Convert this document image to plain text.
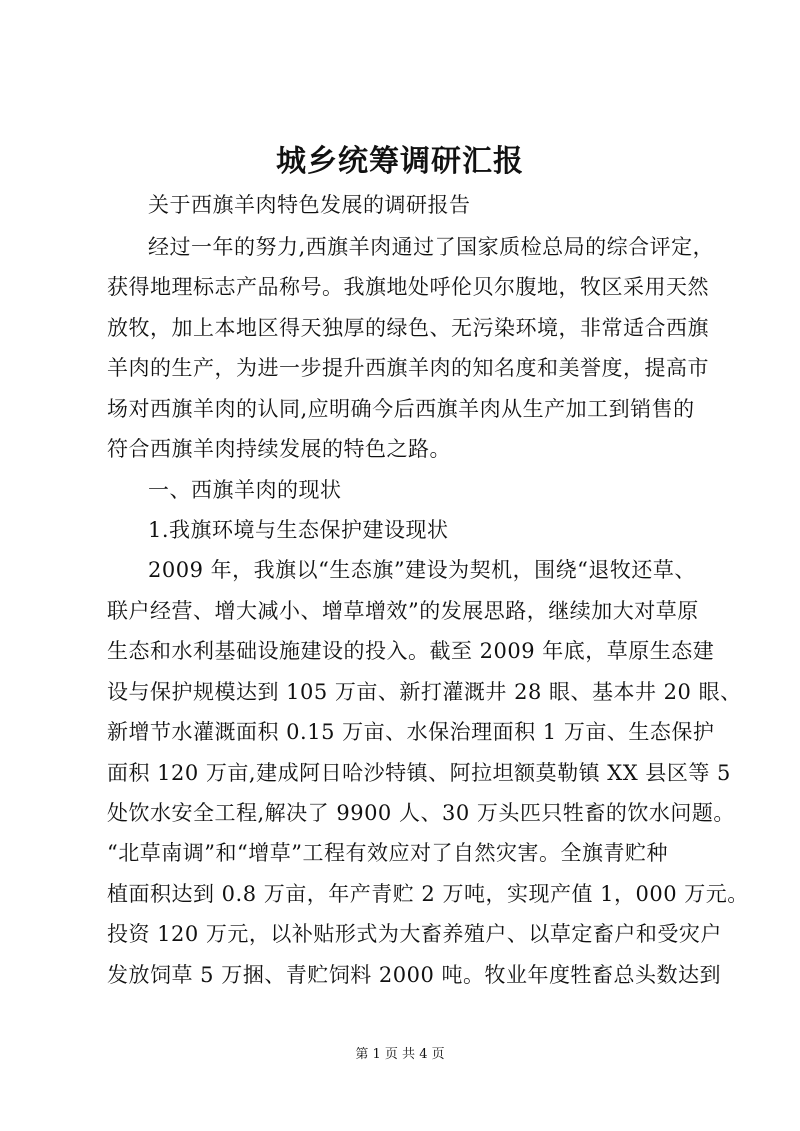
城乡统筹调研汇报
关于西旗羊肉特色发展的调研报告
经过一年的努力,西旗羊肉通过了国家质检总局的综合评定，
获得地理标志产品称号。我旗地处呼伦贝尔腹地，牧区采用天然
放牧，加上本地区得天独厚的绿色、无污染环境，非常适合西旗
羊肉的生产，为进一步提升西旗羊肉的知名度和美誉度，提高市
场对西旗羊肉的认同,应明确今后西旗羊肉从生产加工到销售的
符合西旗羊肉持续发展的特色之路。
一、西旗羊肉的现状
1.我旗环境与生态保护建设现状
2009 年，我旗以“生态旗”建设为契机，围绕“退牧还草、
联户经营、增大减小、增草增效”的发展思路，继续加大对草原
生态和水利基础设施建设的投入。截至 2009 年底，草原生态建
设与保护规模达到 105 万亩、新打灌溉井 28 眼、基本井 20 眼、
新增节水灌溉面积 0.15 万亩、水保治理面积 1 万亩、生态保护
面积 120 万亩,建成阿日哈沙特镇、阿拉坦额莫勒镇 XX 县区等 5
处饮水安全工程,解决了 9900 人、30 万头匹只牲畜的饮水问题。
“北草南调”和“增草”工程有效应对了自然灾害。全旗青贮种
植面积达到 0.8 万亩，年产青贮 2 万吨，实现产值 1，000 万元。
投资 120 万元，以补贴形式为大畜养殖户、以草定畜户和受灾户
发放饲草 5 万捆、青贮饲料 2000 吨。牧业年度牲畜总头数达到
第 1 页 共 4 页
